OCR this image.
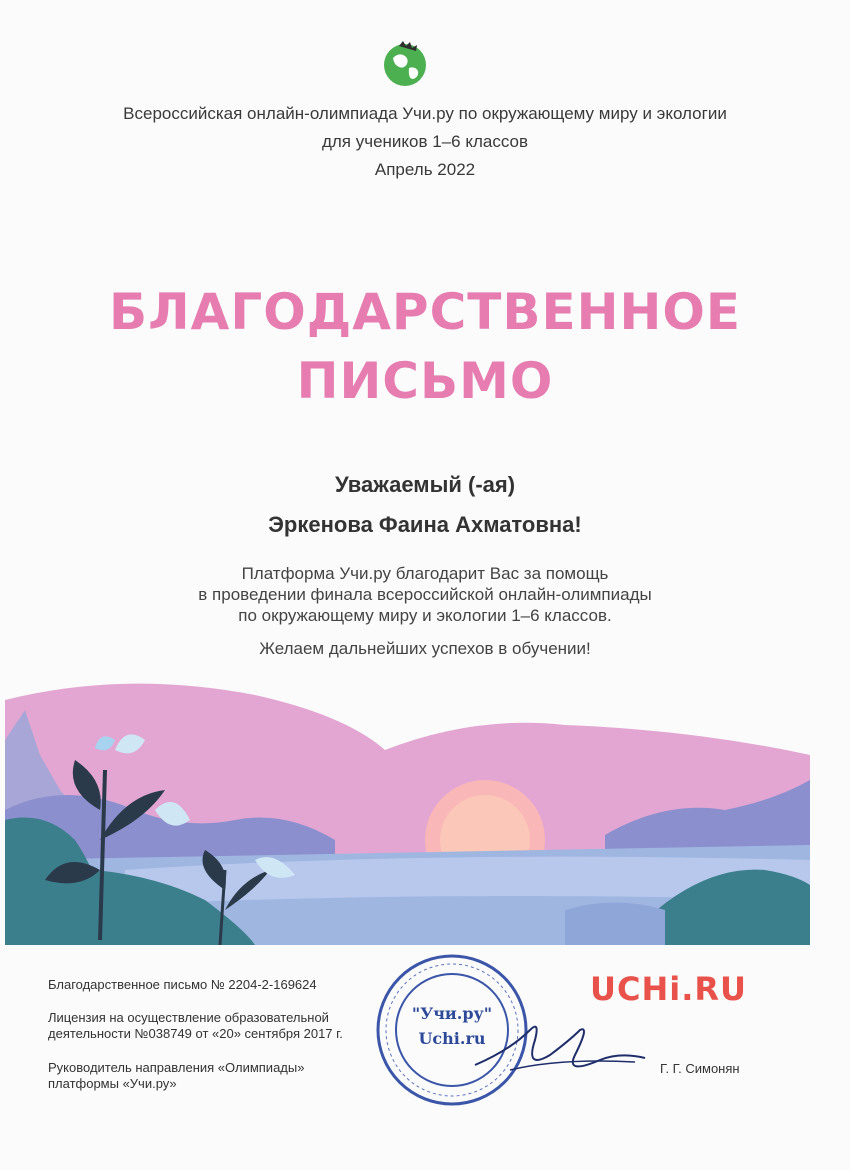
Всероссийская онлайн-олимпиада Учи.ру по окружающему миру и экологии
для учеников 1–6 классов
Апрель 2022
БЛАГОДАРСТВЕННОЕ
ПИСЬМО
Уважаемый (-ая)
Эркенова Фаина Ахматовна!
Платформа Учи.ру благодарит Вас за помощь
в проведении финала всероссийской онлайн-олимпиады
по окружающему миру и экологии 1–6 классов.
Желаем дальнейших успехов в обучении!
Благодарственное письмо № 2204-2-169624
Лицензия на осуществление образовательной
деятельности №038749 от «20» сентября 2017 г.
Руководитель направления «Олимпиады»
платформы «Учи.ру»
Г. Г. Симонян
UCHi.RU
"Учи.ру"
Uchi.ru
